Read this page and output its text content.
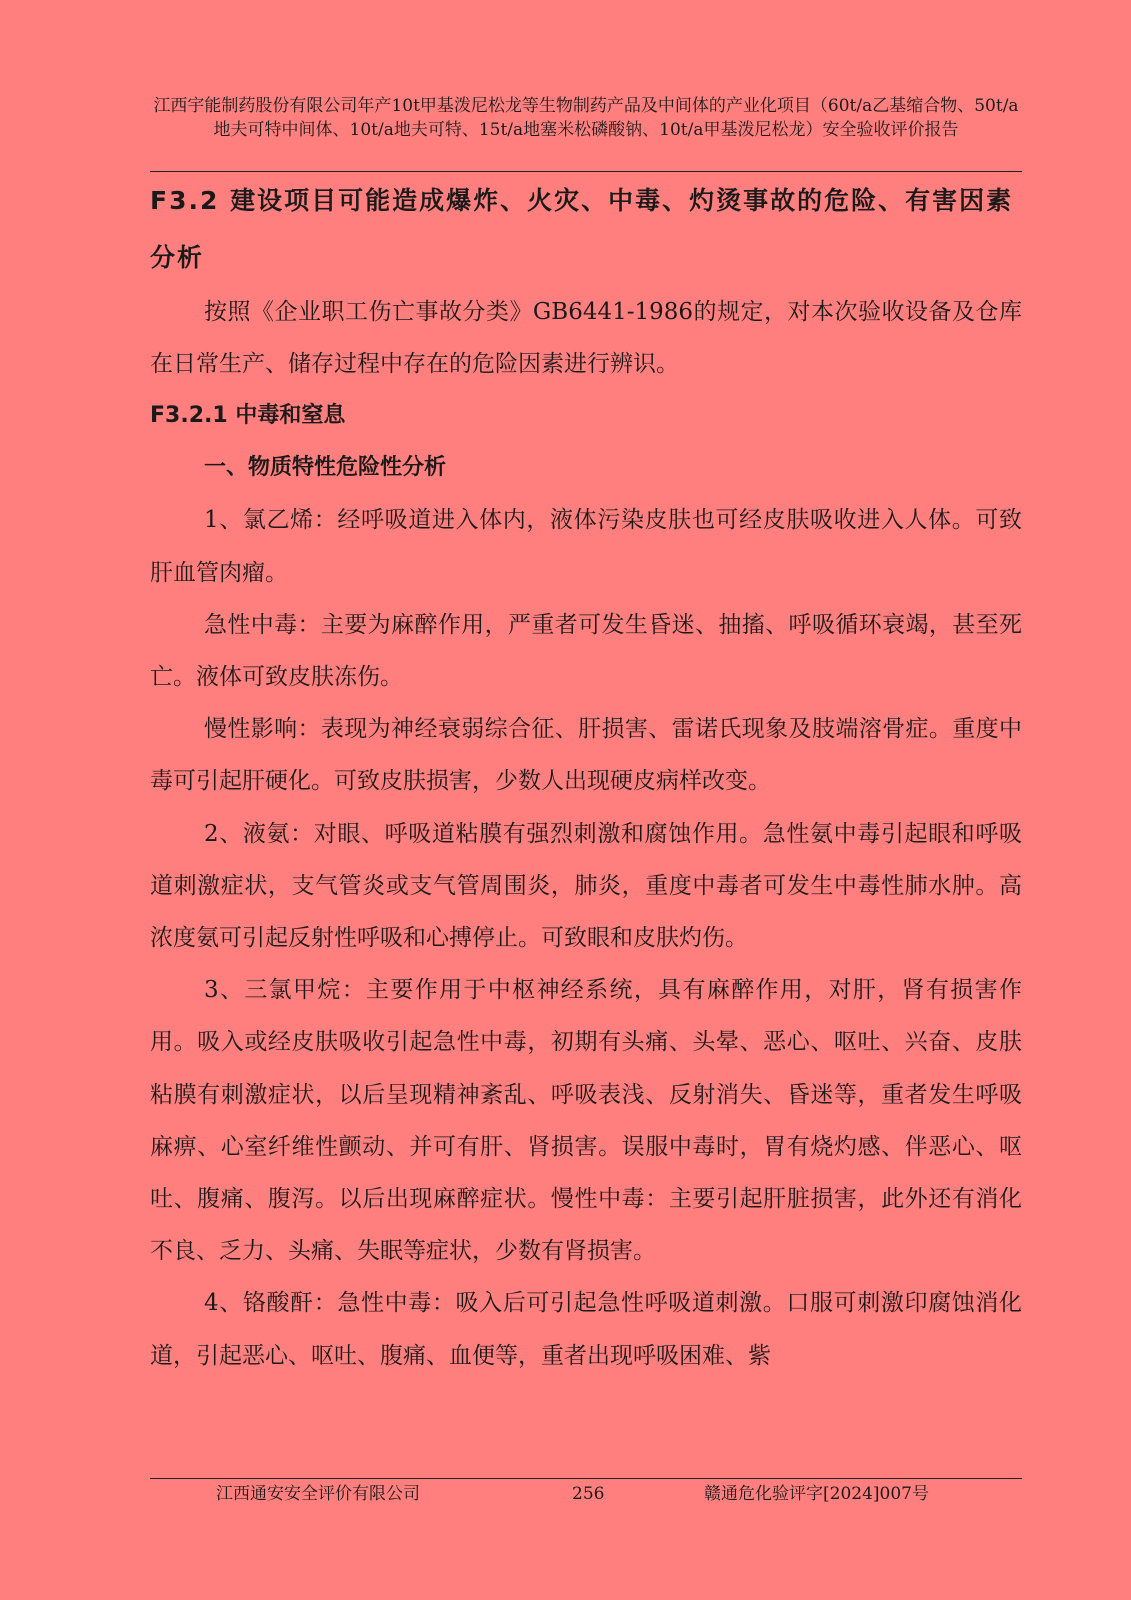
江西宇能制药股份有限公司年产10t甲基泼尼松龙等生物制药产品及中间体的产业化项目（60t/a乙基缩合物、50t/a地夫可特中间体、10t/a地夫可特、15t/a地塞米松磷酸钠、10t/a甲基泼尼松龙）安全验收评价报告
F3.2 建设项目可能造成爆炸、火灾、中毒、灼烫事故的危险、有害因素分析

按照《企业职工伤亡事故分类》GB6441-1986的规定，对本次验收设备及仓库在日常生产、储存过程中存在的危险因素进行辨识。

F3.2.1 中毒和窒息
一、物质特性危险性分析

1、氯乙烯：经呼吸道进入体内，液体污染皮肤也可经皮肤吸收进入人体。可致肝血管肉瘤。

急性中毒：主要为麻醉作用，严重者可发生昏迷、抽搐、呼吸循环衰竭，甚至死亡。液体可致皮肤冻伤。

慢性影响：表现为神经衰弱综合征、肝损害、雷诺氏现象及肢端溶骨症。重度中毒可引起肝硬化。可致皮肤损害，少数人出现硬皮病样改变。

2、液氨：对眼、呼吸道粘膜有强烈刺激和腐蚀作用。急性氨中毒引起眼和呼吸道刺激症状，支气管炎或支气管周围炎，肺炎，重度中毒者可发生中毒性肺水肿。高浓度氨可引起反射性呼吸和心搏停止。可致眼和皮肤灼伤。

3、三氯甲烷：主要作用于中枢神经系统，具有麻醉作用，对肝，肾有损害作用。吸入或经皮肤吸收引起急性中毒，初期有头痛、头晕、恶心、呕吐、兴奋、皮肤粘膜有刺激症状，以后呈现精神紊乱、呼吸表浅、反射消失、昏迷等，重者发生呼吸麻痹、心室纤维性颤动、并可有肝、肾损害。误服中毒时，胃有烧灼感、伴恶心、呕吐、腹痛、腹泻。以后出现麻醉症状。慢性中毒：主要引起肝脏损害，此外还有消化不良、乏力、头痛、失眠等症状，少数有肾损害。

4、铬酸酐：急性中毒：吸入后可引起急性呼吸道刺激。口服可刺激印腐蚀消化道，引起恶心、呕吐、腹痛、血便等，重者出现呼吸困难、紫

江西通安安全评价有限公司	256	赣通危化验评字[2024]007号
